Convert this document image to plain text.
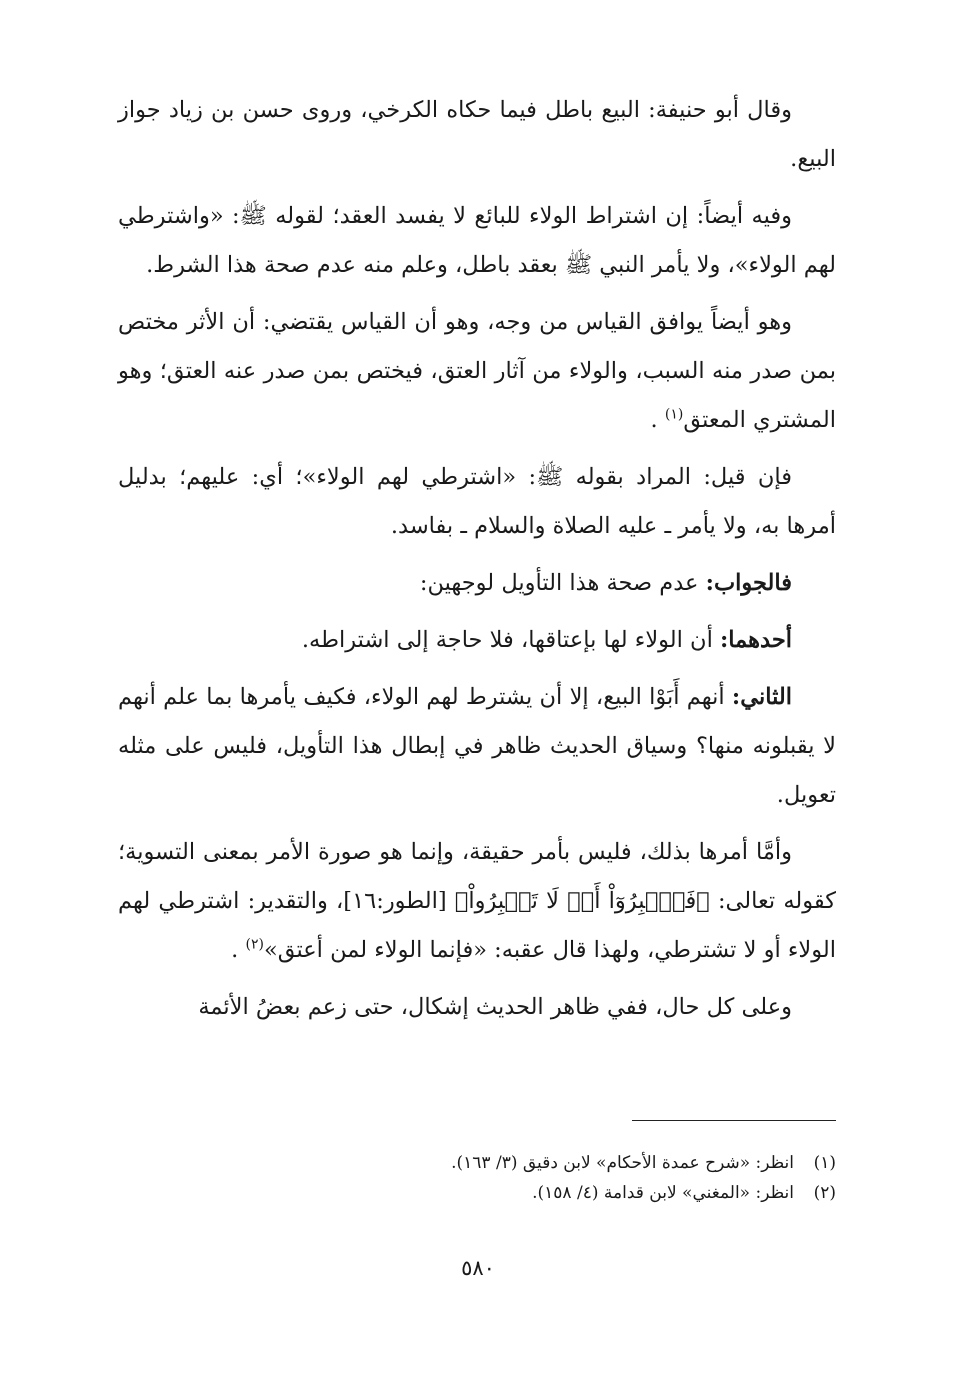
وقال أبو حنيفة: البيع باطل فيما حكاه الكرخي، وروى حسن بن زياد جواز البيع.

وفيه أيضاً: إن اشتراط الولاء للبائع لا يفسد العقد؛ لقوله ﷺ: «واشترطي لهم الولاء»، ولا يأمر النبي ﷺ بعقد باطل، وعلم منه عدم صحة هذا الشرط.

وهو أيضاً يوافق القياس من وجه، وهو أن القياس يقتضي: أن الأثر مختص بمن صدر منه السبب، والولاء من آثار العتق، فيختص بمن صدر عنه العتق؛ وهو المشتري المعتق$^{(١)}$ .

فإن قيل: المراد بقوله ﷺ: «اشترطي لهم الولاء»؛ أي: عليهم؛ بدليل أمرها به، ولا يأمر ـ عليه الصلاة والسلام ـ بفاسد.

فالجواب: عدم صحة هذا التأويل لوجهين:

أحدهما: أن الولاء لها بإعتاقها، فلا حاجة إلى اشتراطه.

الثاني: أنهم أَبَوْا البيع، إلا أن يشترط لهم الولاء، فكيف يأمرها بما علم أنهم لا يقبلونه منها؟ وسياق الحديث ظاهر في إبطال هذا التأويل، فليس على مثله تعويل.

وأمَّا أمرها بذلك، فليس بأمر حقيقة، وإنما هو صورة الأمر بمعنى التسوية؛ كقوله تعالى: ﴿فَٱصۡبِرُوٓاْ أَوۡ لَا تَصۡبِرُواْ﴾ [الطور:١٦]، والتقدير: اشترطي لهم الولاء أو لا تشترطي، ولهذا قال عقبه: «فإنما الولاء لمن أعتق»$^{(٢)}$ .

وعلى كل حال، ففي ظاهر الحديث إشكال، حتى زعم بعضُ الأئمة

(١)
انظر: «شرح عمدة الأحكام» لابن دقيق (٣/ ١٦٣).
(٢)
انظر: «المغني» لابن قدامة (٤/ ١٥٨).
٥٨٠
